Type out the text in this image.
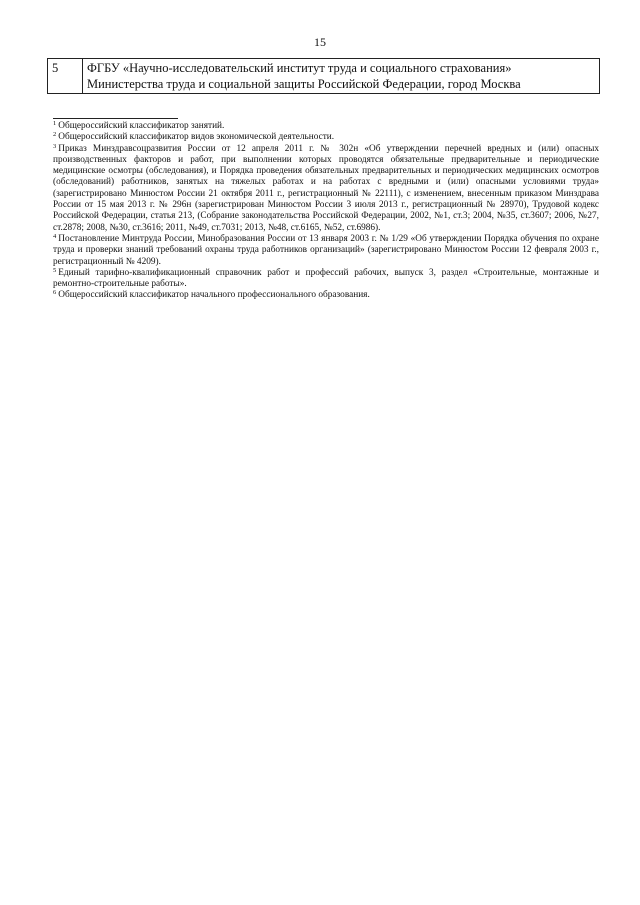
15
5	ФГБУ «Научно-исследовательский институт труда и социального страхования»
Министерства труда и социальной защиты Российской Федерации, город Москва

$^1$ Общероссийский классификатор занятий.

$^2$ Общероссийский классификатор видов экономической деятельности.

$^3$ Приказ Минздравсоцразвития России от 12 апреля 2011 г. № 302н «Об утверждении перечней вредных и (или) опасных производственных факторов и работ, при выполнении которых проводятся обязательные предварительные и периодические медицинские осмотры (обследования), и Порядка проведения обязательных предварительных и периодических медицинских осмотров (обследований) работников, занятых на тяжелых работах и на работах с вредными и (или) опасными условиями труда» (зарегистрировано Минюстом России 21 октября 2011 г., регистрационный № 22111), с изменением, внесенным приказом Минздрава России от 15 мая 2013 г. № 296н (зарегистрирован Минюстом России 3 июля 2013 г., регистрационный № 28970), Трудовой кодекс Российской Федерации, статья 213, (Собрание законодательства Российской Федерации, 2002, №1, ст.3; 2004, №35, ст.3607; 2006, №27, ст.2878; 2008, №30, ст.3616; 2011, №49, ст.7031; 2013, №48, ст.6165, №52, ст.6986).

$^4$ Постановление Минтруда России, Минобразования России от 13 января 2003 г. № 1/29 «Об утверждении Порядка обучения по охране труда и проверки знаний требований охраны труда работников организаций» (зарегистрировано Минюстом России 12 февраля 2003 г., регистрационный № 4209).

$^5$ Единый тарифно-квалификационный справочник работ и профессий рабочих, выпуск 3, раздел «Строительные, монтажные и ремонтно-строительные работы».

$^6$ Общероссийский классификатор начального профессионального образования.
